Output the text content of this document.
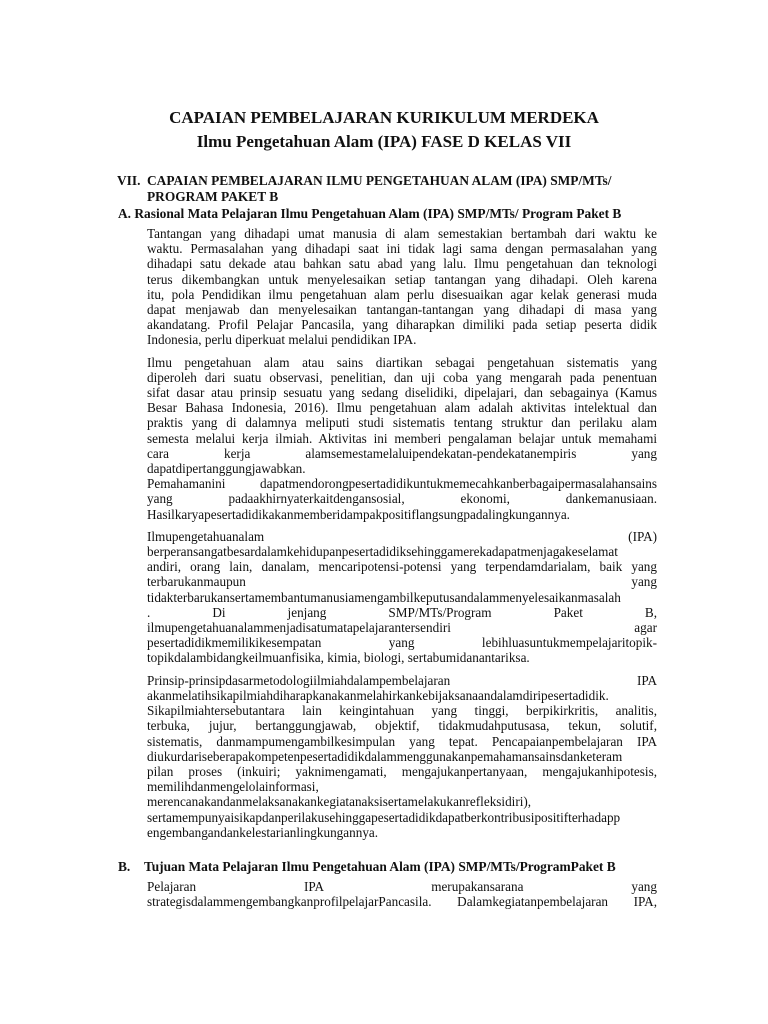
CAPAIAN PEMBELAJARAN KURIKULUM MERDEKA
Ilmu Pengetahuan Alam (IPA) FASE D KELAS VII
VII. CAPAIAN PEMBELAJARAN ILMU PENGETAHUAN ALAM (IPA) SMP/MTs/
PROGRAM PAKET B
A. Rasional Mata Pelajaran Ilmu Pengetahuan Alam (IPA) SMP/MTs/ Program Paket B

Tantangan yang dihadapi umat manusia di alam semestakian bertambah dari waktu ke
waktu. Permasalahan yang dihadapi saat ini tidak lagi sama dengan permasalahan yang
dihadapi satu dekade atau bahkan satu abad yang lalu. Ilmu pengetahuan dan teknologi
terus dikembangkan untuk menyelesaikan setiap tantangan yang dihadapi. Oleh karena
itu, pola Pendidikan ilmu pengetahuan alam perlu disesuaikan agar kelak generasi muda
dapat menjawab dan menyelesaikan tantangan-tantangan yang dihadapi di masa yang
akandatang. Profil Pelajar Pancasila, yang diharapkan dimiliki pada setiap peserta didik
Indonesia, perlu diperkuat melalui pendidikan IPA.

Ilmu pengetahuan alam atau sains diartikan sebagai pengetahuan sistematis yang
diperoleh dari suatu observasi, penelitian, dan uji coba yang mengarah pada penentuan
sifat dasar atau prinsip sesuatu yang sedang diselidiki, dipelajari, dan sebagainya (Kamus
Besar Bahasa Indonesia, 2016). Ilmu pengetahuan alam adalah aktivitas intelektual dan
praktis yang di dalamnya meliputi studi sistematis tentang struktur dan perilaku alam
semesta melalui kerja ilmiah. Aktivitas ini memberi pengalaman belajar untuk memahami
cara kerja alamsemestamelaluipendekatan-pendekatanempiris yang
dapatdipertanggungjawabkan.
Pemahamanini dapatmendorongpesertadidikuntukmemecahkanberbagaipermasalahansains
yang padaakhirnyaterkaitdengansosial, ekonomi, dankemanusiaan.
Hasilkaryapesertadidikakanmemberidampakpositiflangsungpadalingkungannya.

Ilmupengetahuanalam (IPA)
berperansangatbesardalamkehidupanpesertadidiksehinggamerekadapatmenjagakeselamat
andiri, orang lain, danalam, mencaripotensi-potensi yang terpendamdarialam, baik yang
terbarukanmaupun yang
tidakterbarukansertamembantumanusiamengambilkeputusandalammenyelesaikanmasalah
. Di jenjang SMP/MTs/Program Paket B,
ilmupengetahuanalammenjadisatumatapelajarantersendiri agar
pesertadidikmemilikikesempatan yang lebihluasuntukmempelajaritopik-
topikdalambidangkeilmuanfisika, kimia, biologi, sertabumidanantariksa.

Prinsip-prinsipdasarmetodologiilmiahdalampembelajaran IPA
akanmelatihsikapilmiahdiharapkanakanmelahirkankebijaksanaandalamdiripesertadidik.
Sikapilmiahtersebutantara lain keingintahuan yang tinggi, berpikirkritis, analitis,
terbuka, jujur, bertanggungjawab, objektif, tidakmudahputusasa, tekun, solutif,
sistematis, danmampumengambilkesimpulan yang tepat. Pencapaianpembelajaran IPA
diukurdariseberapakompetenpesertadidikdalammenggunakanpemahamansainsdanketeram
pilan proses (inkuiri; yaknimengamati, mengajukanpertanyaan, mengajukanhipotesis,
memilihdanmengelolainformasi,
merencanakandanmelaksanakankegiatanaksisertamelakukanrefleksidiri),
sertamempunyaisikapdanperilakusehinggapesertadidikdapatberkontribusipositifterhadapp
engembangandankelestarianlingkungannya.

B. Tujuan Mata Pelajaran Ilmu Pengetahuan Alam (IPA) SMP/MTs/ProgramPaket B

Pelajaran IPA merupakansarana yang
strategisdalammengembangkanprofilpelajarPancasila. Dalamkegiatanpembelajaran IPA,
